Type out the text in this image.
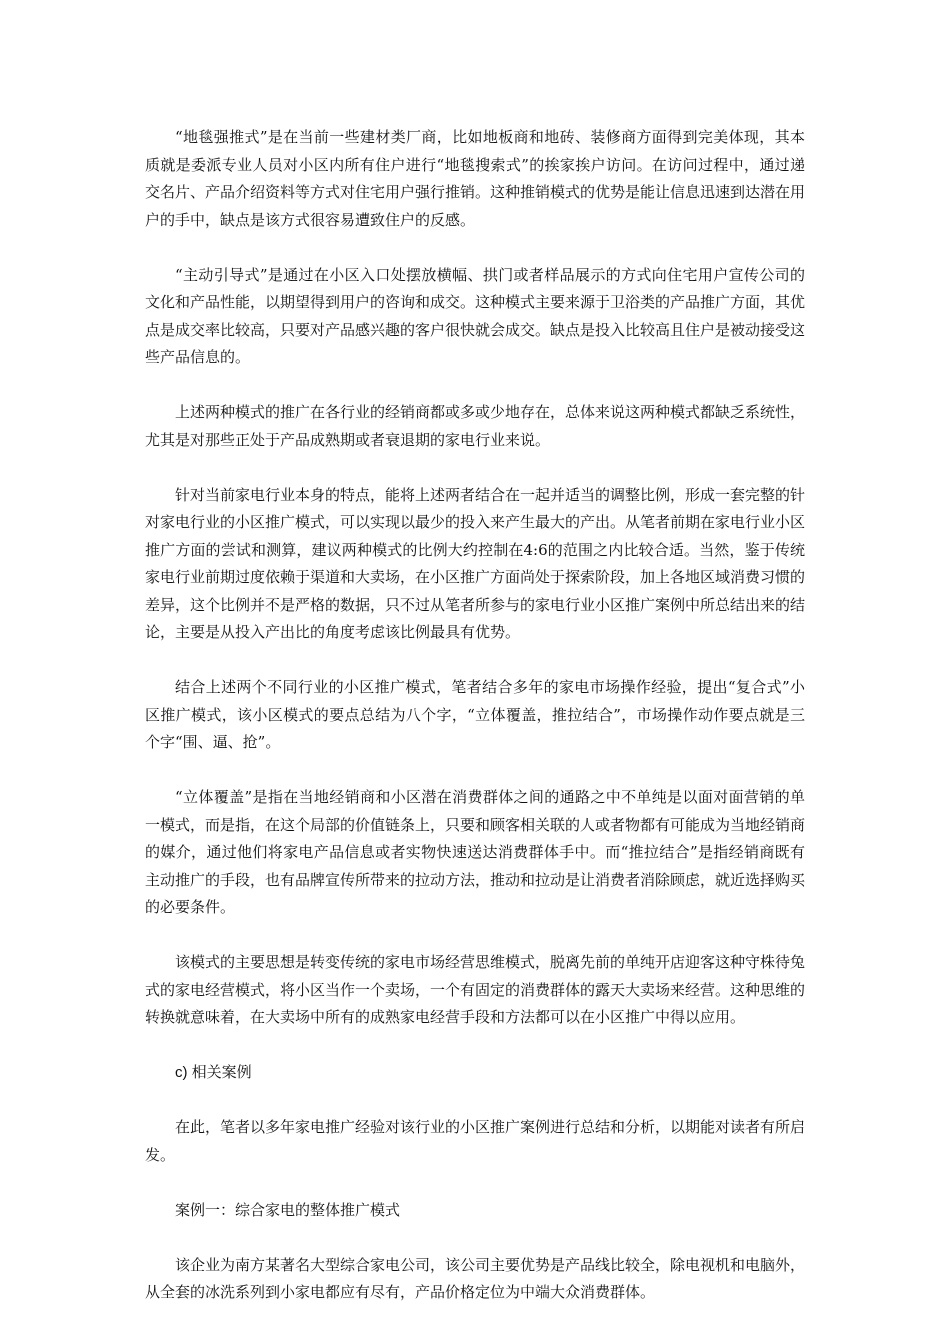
“地毯强推式”是在当前一些建材类厂商，比如地板商和地砖、装修商方面得到完美体现，其本质就是委派专业人员对小区内所有住户进行“地毯搜索式”的挨家挨户访问。在访问过程中，通过递交名片、产品介绍资料等方式对住宅用户强行推销。这种推销模式的优势是能让信息迅速到达潜在用户的手中，缺点是该方式很容易遭致住户的反感。

“主动引导式”是通过在小区入口处摆放横幅、拱门或者样品展示的方式向住宅用户宣传公司的文化和产品性能，以期望得到用户的咨询和成交。这种模式主要来源于卫浴类的产品推广方面，其优点是成交率比较高，只要对产品感兴趣的客户很快就会成交。缺点是投入比较高且住户是被动接受这些产品信息的。

上述两种模式的推广在各行业的经销商都或多或少地存在，总体来说这两种模式都缺乏系统性，尤其是对那些正处于产品成熟期或者衰退期的家电行业来说。

针对当前家电行业本身的特点，能将上述两者结合在一起并适当的调整比例，形成一套完整的针对家电行业的小区推广模式，可以实现以最少的投入来产生最大的产出。从笔者前期在家电行业小区推广方面的尝试和测算，建议两种模式的比例大约控制在4:6的范围之内比较合适。当然，鉴于传统家电行业前期过度依赖于渠道和大卖场，在小区推广方面尚处于探索阶段，加上各地区域消费习惯的差异，这个比例并不是严格的数据，只不过从笔者所参与的家电行业小区推广案例中所总结出来的结论，主要是从投入产出比的角度考虑该比例最具有优势。

结合上述两个不同行业的小区推广模式，笔者结合多年的家电市场操作经验，提出“复合式”小区推广模式，该小区模式的要点总结为八个字，“立体覆盖，推拉结合”，市场操作动作要点就是三个字“围、逼、抢”。

“立体覆盖”是指在当地经销商和小区潜在消费群体之间的通路之中不单纯是以面对面营销的单一模式，而是指，在这个局部的价值链条上，只要和顾客相关联的人或者物都有可能成为当地经销商的媒介，通过他们将家电产品信息或者实物快速送达消费群体手中。而“推拉结合”是指经销商既有主动推广的手段，也有品牌宣传所带来的拉动方法，推动和拉动是让消费者消除顾虑，就近选择购买的必要条件。

该模式的主要思想是转变传统的家电市场经营思维模式，脱离先前的单纯开店迎客这种守株待兔式的家电经营模式，将小区当作一个卖场，一个有固定的消费群体的露天大卖场来经营。这种思维的转换就意味着，在大卖场中所有的成熟家电经营手段和方法都可以在小区推广中得以应用。

c) 相关案例

在此，笔者以多年家电推广经验对该行业的小区推广案例进行总结和分析，以期能对读者有所启发。

案例一：综合家电的整体推广模式

该企业为南方某著名大型综合家电公司，该公司主要优势是产品线比较全，除电视机和电脑外，从全套的冰洗系列到小家电都应有尽有，产品价格定位为中端大众消费群体。
